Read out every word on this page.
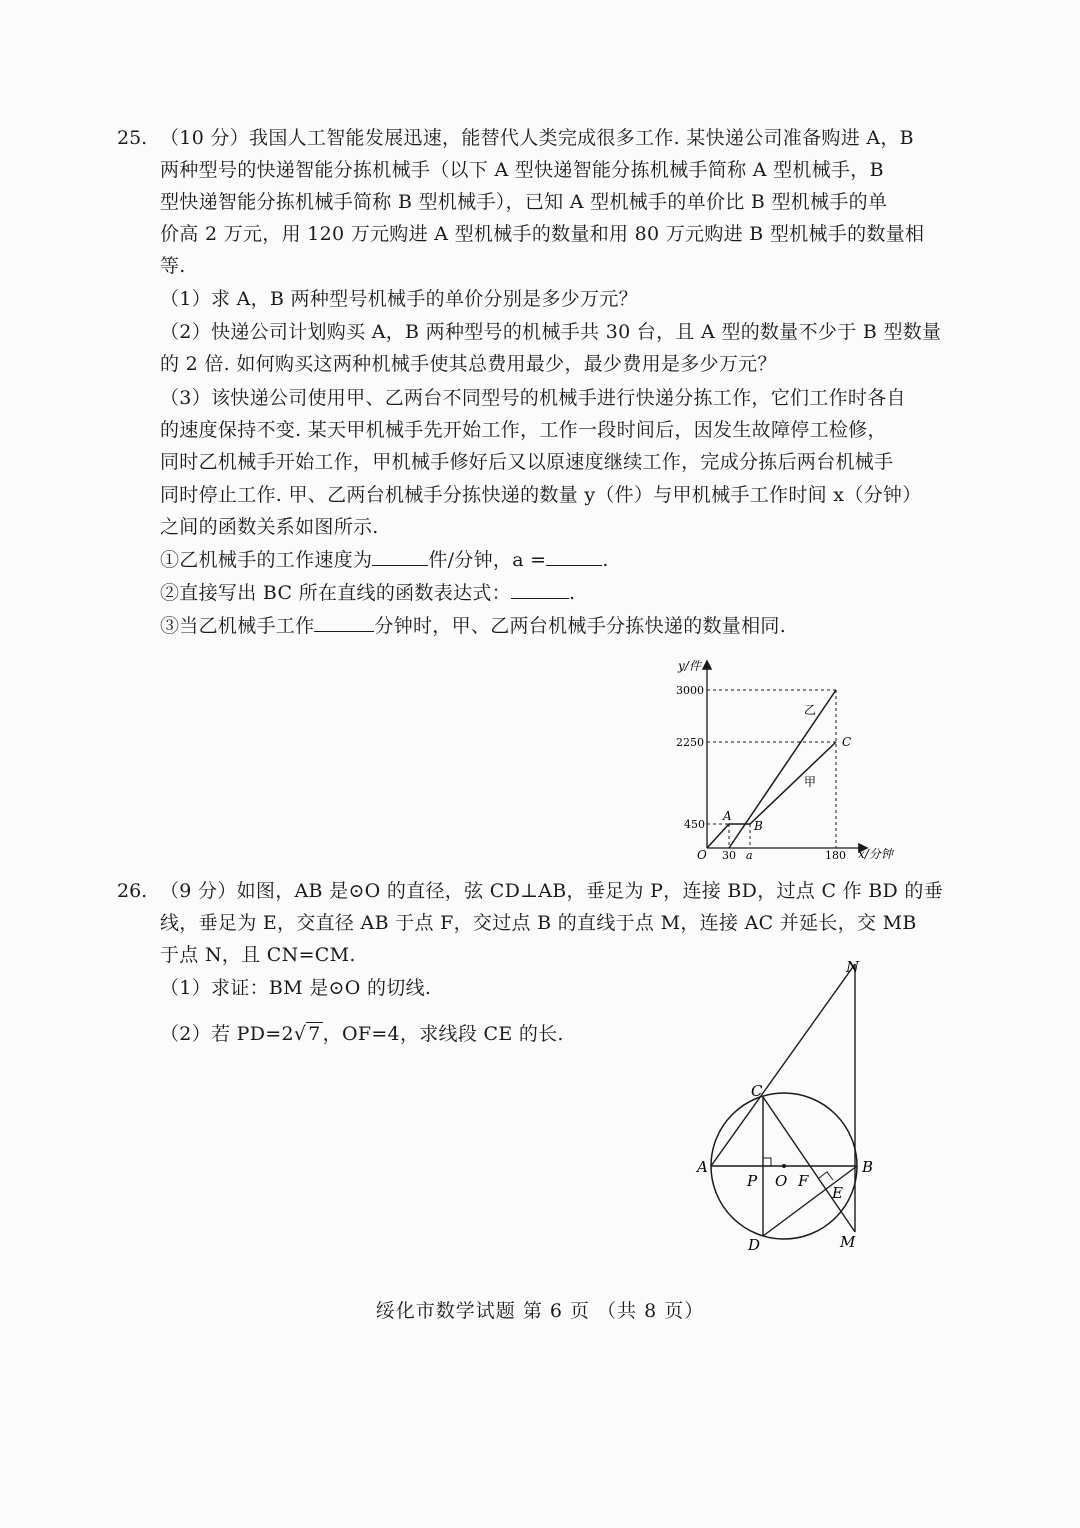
25. （10 分）我国人工智能发展迅速，能替代人类完成很多工作. 某快递公司准备购进 A，B
两种型号的快递智能分拣机械手（以下 A 型快递智能分拣机械手简称 A 型机械手，B
型快递智能分拣机械手简称 B 型机械手），已知 A 型机械手的单价比 B 型机械手的单
价高 2 万元，用 120 万元购进 A 型机械手的数量和用 80 万元购进 B 型机械手的数量相
等.
（1）求 A，B 两种型号机械手的单价分别是多少万元？
（2）快递公司计划购买 A，B 两种型号的机械手共 30 台，且 A 型的数量不少于 B 型数量
的 2 倍. 如何购买这两种机械手使其总费用最少，最少费用是多少万元？
（3）该快递公司使用甲、乙两台不同型号的机械手进行快递分拣工作，它们工作时各自
的速度保持不变. 某天甲机械手先开始工作，工作一段时间后，因发生故障停工检修，
同时乙机械手开始工作，甲机械手修好后又以原速度继续工作，完成分拣后两台机械手
同时停止工作. 甲、乙两台机械手分拣快递的数量 y（件）与甲机械手工作时间 x（分钟）
之间的函数关系如图所示.
①乙机械手的工作速度为	件/分钟，a =	.
②直接写出 BC 所在直线的函数表达式：	.
③当乙机械手工作	分钟时，甲、乙两台机械手分拣快递的数量相同.
y/件
x/分钟
3000
2250
450
O 30 a	180
A
B
C
乙
甲
26. （9 分）如图，AB 是⊙O 的直径，弦 CD⊥AB，垂足为 P，连接 BD，过点 C 作 BD 的垂
线，垂足为 E，交直径 AB 于点 F，交过点 B 的直线于点 M，连接 AC 并延长，交 MB
于点 N，且 CN=CM.
（1）求证：BM 是⊙O 的切线.
（2）若 PD=2√ 7 ，OF=4，求线段 CE 的长.
N
C
A	B
P O F
E
D	M
绥化市数学试题 第 6 页 （共 8 页）
